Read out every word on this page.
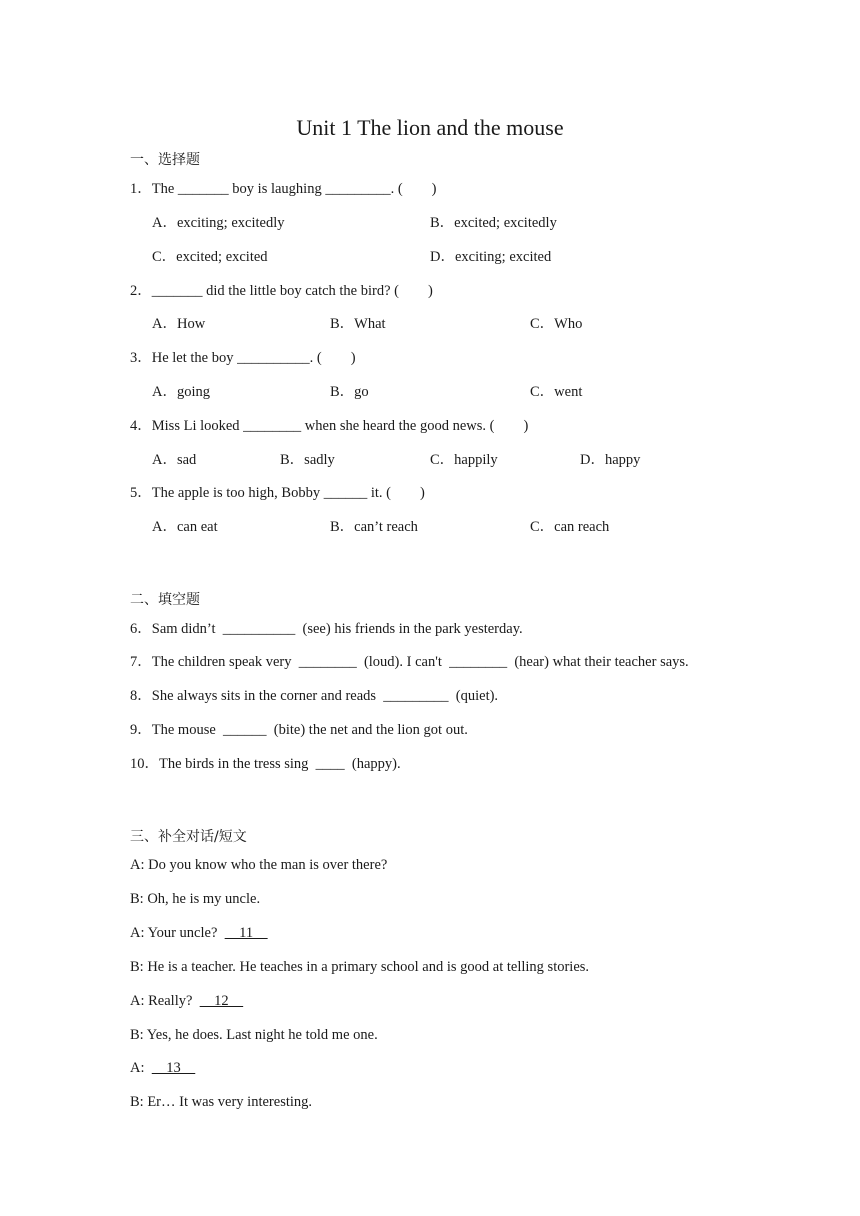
Unit 1 The lion and the mouse
一、选择题
1．The _______ boy is laughing _________. (　　)
A．exciting; excitedly	B．excited; excitedly
C．excited; excited	D．exciting; excited
2．_______ did the little boy catch the bird? (　　)
A．How	B．What	C．Who
3．He let the boy __________. (　　)
A．going	B．go	C．went
4．Miss Li looked ________ when she heard the good news. (　　)
A．sad	B．sadly	C．happily	D．happy
5．The apple is too high, Bobby ______ it. (　　)
A．can eat	B．can’t reach	C．can reach
二、填空题
6．Sam didn’t  __________  (see) his friends in the park yesterday.
7．The children speak very  ________  (loud). I can't  ________  (hear) what their teacher says.
8．She always sits in the corner and reads  _________  (quiet).
9．The mouse  ______  (bite) the net and the lion got out.
10．The birds in the tress sing  ____  (happy).
三、补全对话/短文
A: Do you know who the man is over there?
B: Oh, he is my uncle.
A: Your uncle?      11
B: He is a teacher. He teaches in a primary school and is good at telling stories.
A: Really?      12
B: Yes, he does. Last night he told me one.
A:      13
B: Er… It was very interesting.
